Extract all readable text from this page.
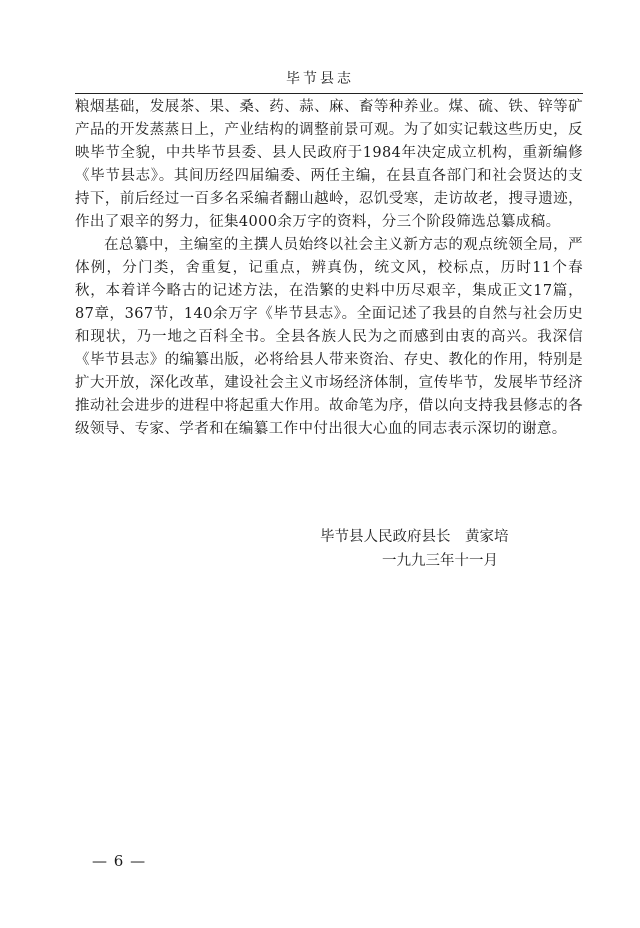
毕节县志

粮烟基础，发展茶、果、桑、药、蒜、麻、畜等种养业。煤、硫、铁、锌等矿产品的开发蒸蒸日上，产业结构的调整前景可观。为了如实记载这些历史，反映毕节全貌，中共毕节县委、县人民政府于1984年决定成立机构，重新编修《毕节县志》。其间历经四届编委、两任主编，在县直各部门和社会贤达的支持下，前后经过一百多名采编者翻山越岭，忍饥受寒，走访故老，搜寻遗迹，作出了艰辛的努力，征集4000余万字的资料，分三个阶段筛选总纂成稿。

在总纂中，主编室的主撰人员始终以社会主义新方志的观点统领全局，严体例，分门类，舍重复，记重点，辨真伪，统文风，校标点，历时11个春秋，本着详今略古的记述方法，在浩繁的史料中历尽艰辛，集成正文17篇，87章，367节，140余万字《毕节县志》。全面记述了我县的自然与社会历史和现状，乃一地之百科全书。全县各族人民为之而感到由衷的高兴。我深信《毕节县志》的编纂出版，必将给县人带来资治、存史、教化的作用，特别是扩大开放，深化改革，建设社会主义市场经济体制，宣传毕节，发展毕节经济推动社会进步的进程中将起重大作用。故命笔为序，借以向支持我县修志的各级领导、专家、学者和在编纂工作中付出很大心血的同志表示深切的谢意。

毕节县人民政府县长　黄家培
一九九三年十一月
— 6 —
